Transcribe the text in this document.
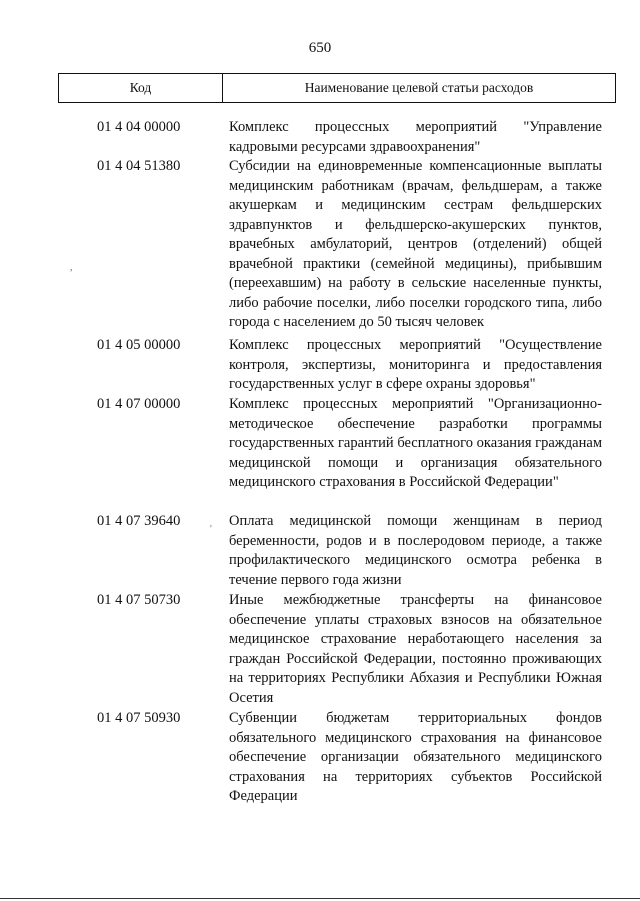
650
Код	Наименование целевой статьи расходов
01 4 04 00000	Комплекс процессных мероприятий "Управление кадровыми ресурсами здравоохранения"
01 4 04 51380	Субсидии на единовременные компенсационные выплаты медицинским работникам (врачам, фельдшерам, а также акушеркам и медицинским сестрам фельдшерских здравпунктов и фельдшерско-акушерских пунктов, врачебных амбулаторий, центров (отделений) общей врачебной практики (семейной медицины), прибывшим (переехавшим) на работу в сельские населенные пункты, либо рабочие поселки, либо поселки городского типа, либо города с населением до 50 тысяч человек
01 4 05 00000	Комплекс процессных мероприятий "Осуществление контроля, экспертизы, мониторинга и предоставления государственных услуг в сфере охраны здоровья"
01 4 07 00000	Комплекс процессных мероприятий "Организационно-методическое обеспечение разработки программы государственных гарантий бесплатного оказания гражданам медицинской помощи и организация обязательного медицинского страхования в Российской Федерации"
01 4 07 39640	Оплата медицинской помощи женщинам в период беременности, родов и в послеродовом периоде, а также профилактического медицинского осмотра ребенка в течение первого года жизни
01 4 07 50730	Иные межбюджетные трансферты на финансовое обеспечение уплаты страховых взносов на обязательное медицинское страхование неработающего населения за граждан Российской Федерации, постоянно проживающих на территориях Республики Абхазия и Республики Южная Осетия
01 4 07 50930	Субвенции бюджетам территориальных фондов обязательного медицинского страхования на финансовое обеспечение организации обязательного медицинского страхования на территориях субъектов Российской Федерации
,
'
